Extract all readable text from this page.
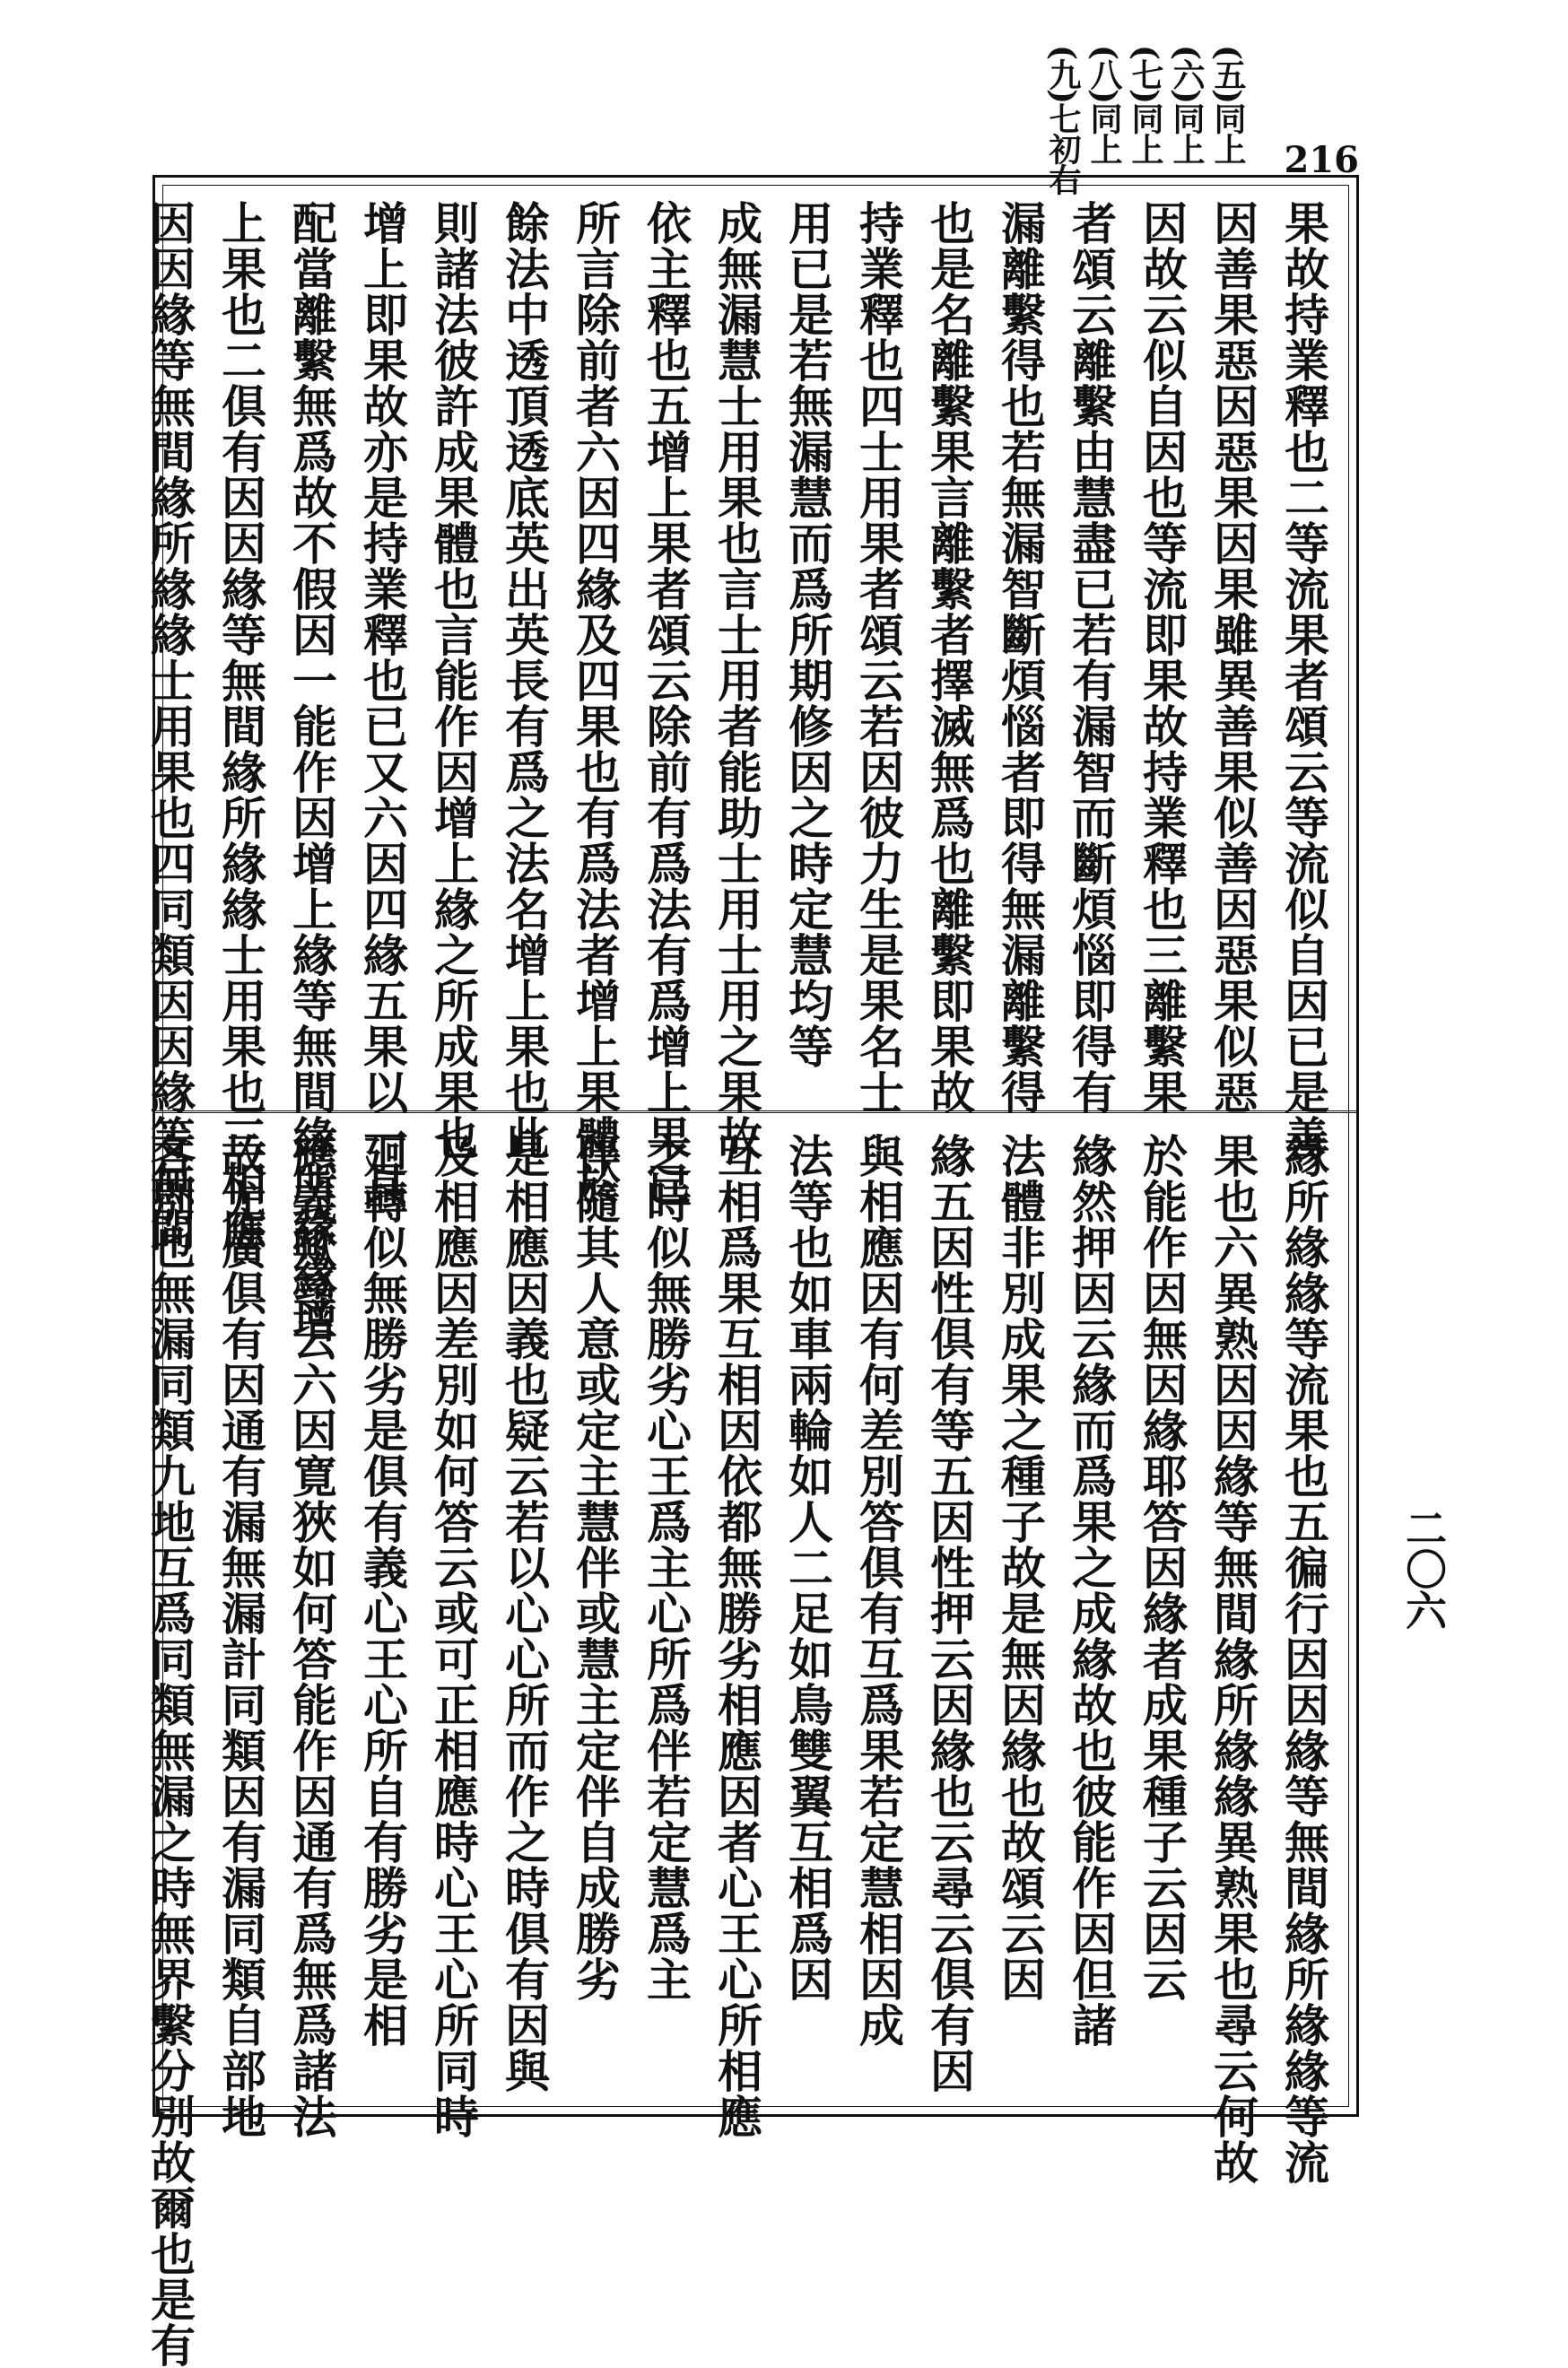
(五)同上
(六)同上
(七)同上
(八)同上
(九)七初右	216
果故持業釋也二等流果者頌云等流似自因已是善
因善果惡因惡果因果雖異善果似善因惡果似惡
因故云似自因也等流即果故持業釋也三離繫果
者頌云離繫由慧盡已若有漏智而斷煩惱即得有
漏離繫得也若無漏智斷煩惱者即得無漏離繫得
也是名離繫果言離繫者擇滅無爲也離繫即果故
持業釋也四士用果者頌云若因彼力生是果名士
用已是若無漏慧而爲所期修因之時定慧均等
成無漏慧士用果也言士用者能助士用士用之果故
依主釋也五增上果者頌云除前有爲法有爲增上果已
所言除前者六因四緣及四果也有爲法者增上果體於
餘法中透頂透底英出英長有爲之法名增上果也此
則諸法彼許成果體也言能作因增上緣之所成果也
增上即果故亦是持業釋也已又六因四緣五果以一具
配當離繫無爲故不假因一能作因增上緣等無間緣所緣緣增
上果也二倶有因因緣等無間緣所緣緣士用果也三相應
因因緣等無間緣所緣緣士用果也四同類因因緣等無間
緣所緣緣等流果也五徧行因因緣等無間緣所緣緣等流
果也六異熟因因緣等無間緣所緣緣異熟果也尋云何故
於能作因無因緣耶答因緣者成果種子云因云
緣然押因云緣而爲果之成緣故也彼能作因但諸
法體非別成果之種子故是無因緣也故頌云因
緣五因性倶有等五因性押云因緣也云尋云倶有因
與相應因有何差別答倶有互爲果若定慧相因成
法等也如車兩輪如人二足如鳥雙翼互相爲因
互相爲果互相因依都無勝劣相應因者心王心所相應
之時似無勝劣心王爲主心所爲伴若定慧爲主
伴隨其人意或定主慧伴或慧主定伴自成勝劣
是相應因義也疑云若以心心所而作之時倶有因與
及相應因差別如何答云或可正相應時心王心所同時
廻轉似無勝劣是倶有義心王心所自有勝劣是相
應義歟尋云六因寛狹如何答能作因通有爲無爲諸法
故尤廣倶有因通有漏無漏計同類因有漏同類自部地
各別也無漏同類九地互爲同類無漏之時無界繫分別故爾也是有	二〇六
